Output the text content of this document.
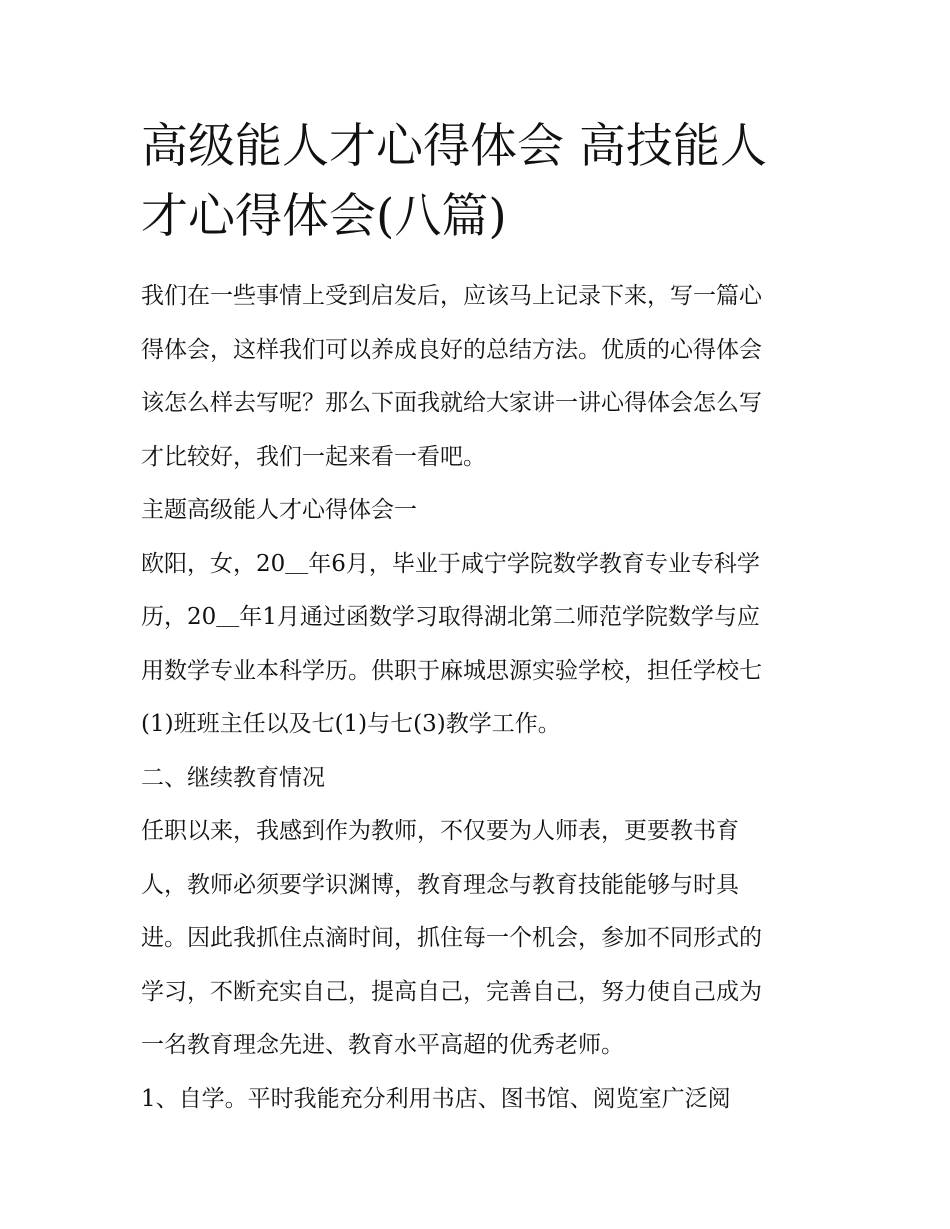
高级能人才心得体会 高技能人
才心得体会(八篇)

我们在一些事情上受到启发后，应该马上记录下来，写一篇心
得体会，这样我们可以养成良好的总结方法。优质的心得体会
该怎么样去写呢？那么下面我就给大家讲一讲心得体会怎么写
才比较好，我们一起来看一看吧。

主题高级能人才心得体会一

欧阳，女，20＿年6月，毕业于咸宁学院数学教育专业专科学
历，20＿年1月通过函数学习取得湖北第二师范学院数学与应
用数学专业本科学历。供职于麻城思源实验学校，担任学校七
(1)班班主任以及七(1)与七(3)教学工作。

二、继续教育情况

任职以来，我感到作为教师，不仅要为人师表，更要教书育
人，教师必须要学识渊博，教育理念与教育技能能够与时具
进。因此我抓住点滴时间，抓住每一个机会，参加不同形式的
学习，不断充实自己，提高自己，完善自己，努力使自己成为
一名教育理念先进、教育水平高超的优秀老师。

1、自学。平时我能充分利用书店、图书馆、阅览室广泛阅
